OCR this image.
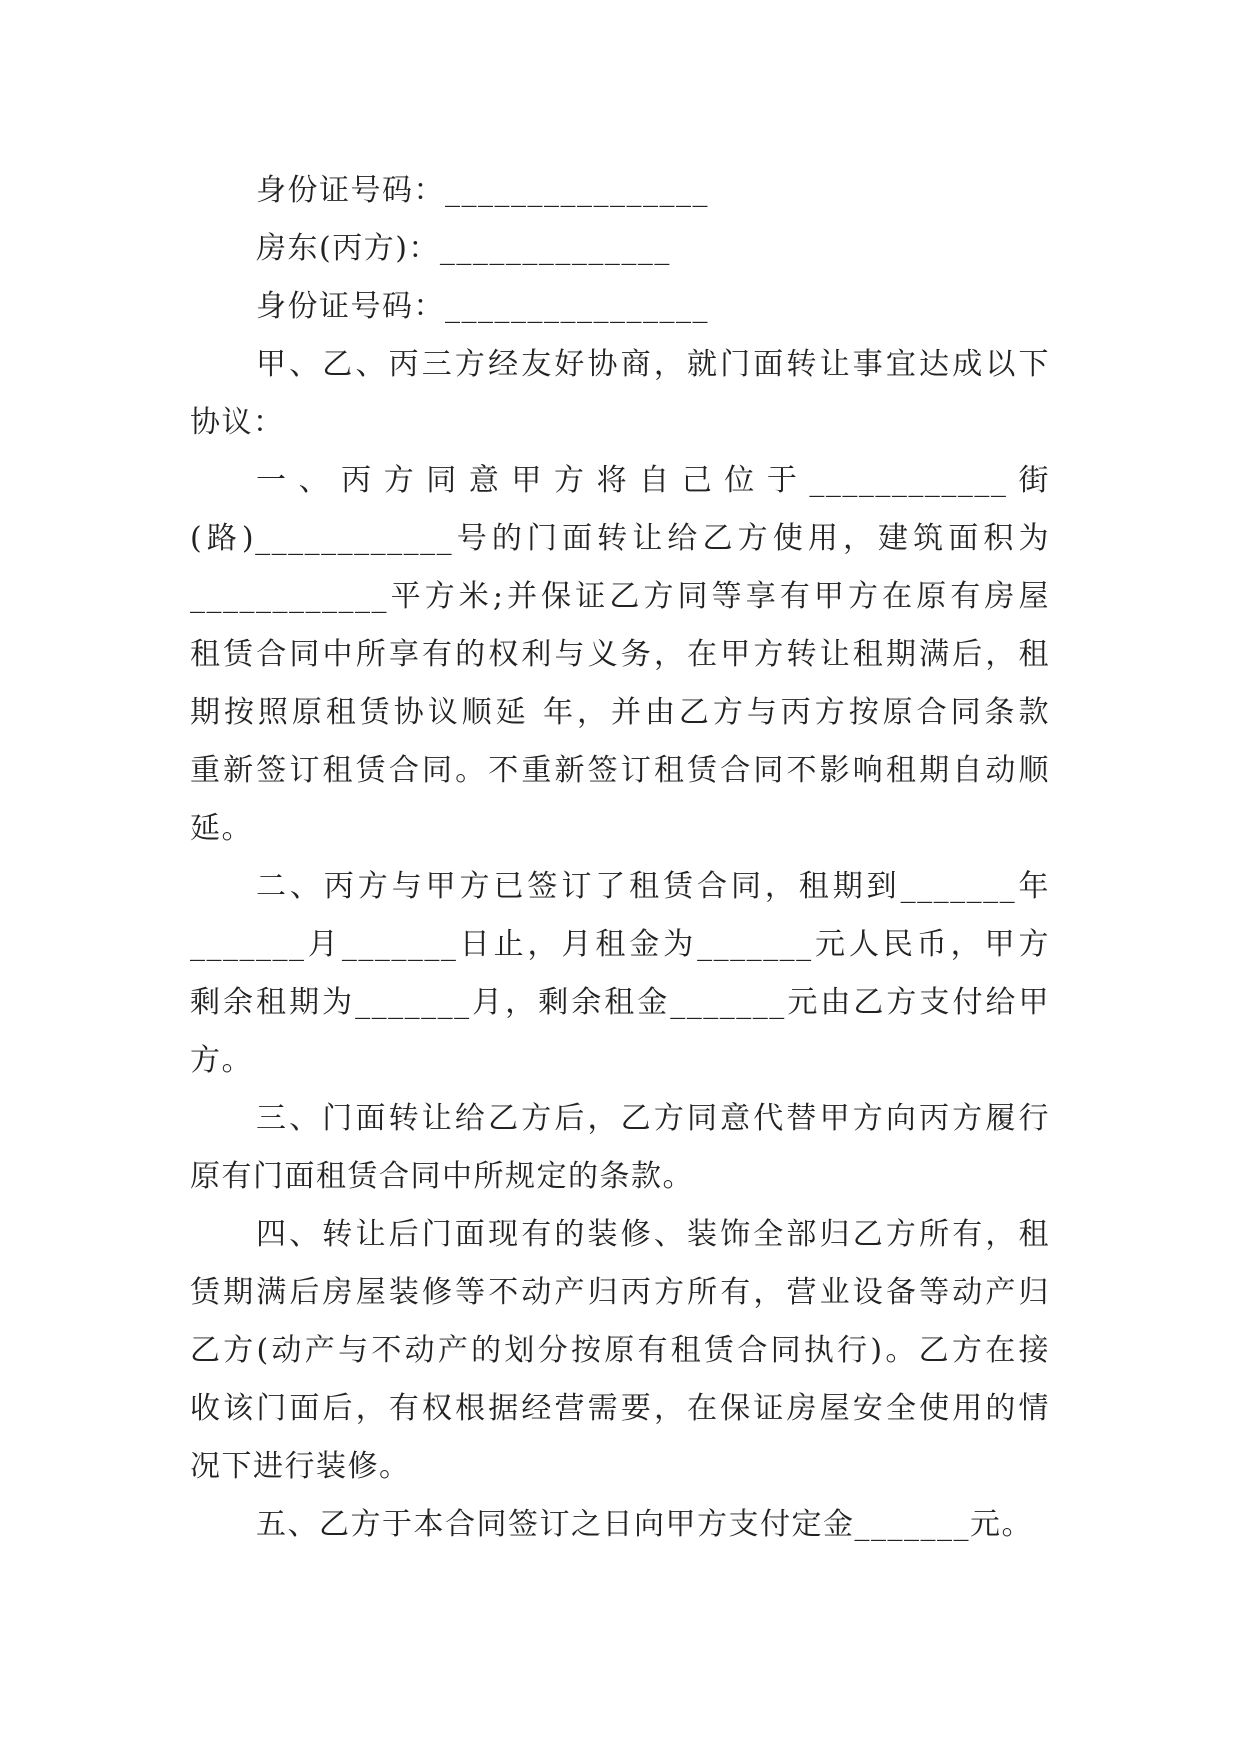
身份证号码：________________
房东(丙方)：______________
身份证号码：________________
甲、乙、丙三方经友好协商，就门面转让事宜达成以下
协议：
一、丙方同意甲方将自己位于____________街
(路)____________号的门面转让给乙方使用，建筑面积为
____________平方米;并保证乙方同等享有甲方在原有房屋
租赁合同中所享有的权利与义务，在甲方转让租期满后，租
期按照原租赁协议顺延 年，并由乙方与丙方按原合同条款
重新签订租赁合同。不重新签订租赁合同不影响租期自动顺
延。
二、丙方与甲方已签订了租赁合同，租期到_______年
_______月_______日止，月租金为_______元人民币，甲方
剩余租期为_______月，剩余租金_______元由乙方支付给甲
方。
三、门面转让给乙方后，乙方同意代替甲方向丙方履行
原有门面租赁合同中所规定的条款。
四、转让后门面现有的装修、装饰全部归乙方所有，租
赁期满后房屋装修等不动产归丙方所有，营业设备等动产归
乙方(动产与不动产的划分按原有租赁合同执行)。乙方在接
收该门面后，有权根据经营需要，在保证房屋安全使用的情
况下进行装修。
五、乙方于本合同签订之日向甲方支付定金_______元。
